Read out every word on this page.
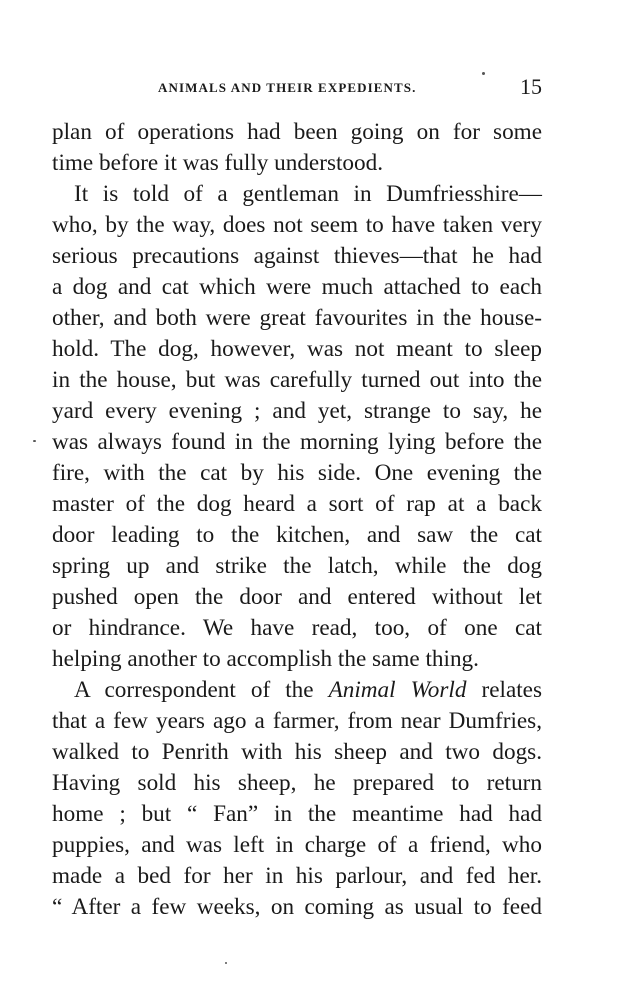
ANIMALS AND THEIR EXPEDIENTS.	15
plan of operations had been going on for some
time before it was fully understood.
It is told of a gentleman in Dumfriesshire—
who, by the way, does not seem to have taken very
serious precautions against thieves—that he had
a dog and cat which were much attached to each
other, and both were great favourites in the house-
hold. The dog, however, was not meant to sleep
in the house, but was carefully turned out into the
yard every evening ; and yet, strange to say, he
was always found in the morning lying before the
fire, with the cat by his side. One evening the
master of the dog heard a sort of rap at a back
door leading to the kitchen, and saw the cat
spring up and strike the latch, while the dog
pushed open the door and entered without let
or hindrance. We have read, too, of one cat
helping another to accomplish the same thing.
A correspondent of the Animal World relates
that a few years ago a farmer, from near Dumfries,
walked to Penrith with his sheep and two dogs.
Having sold his sheep, he prepared to return
home ; but “ Fan” in the meantime had had
puppies, and was left in charge of a friend, who
made a bed for her in his parlour, and fed her.
“ After a few weeks, on coming as usual to feed
